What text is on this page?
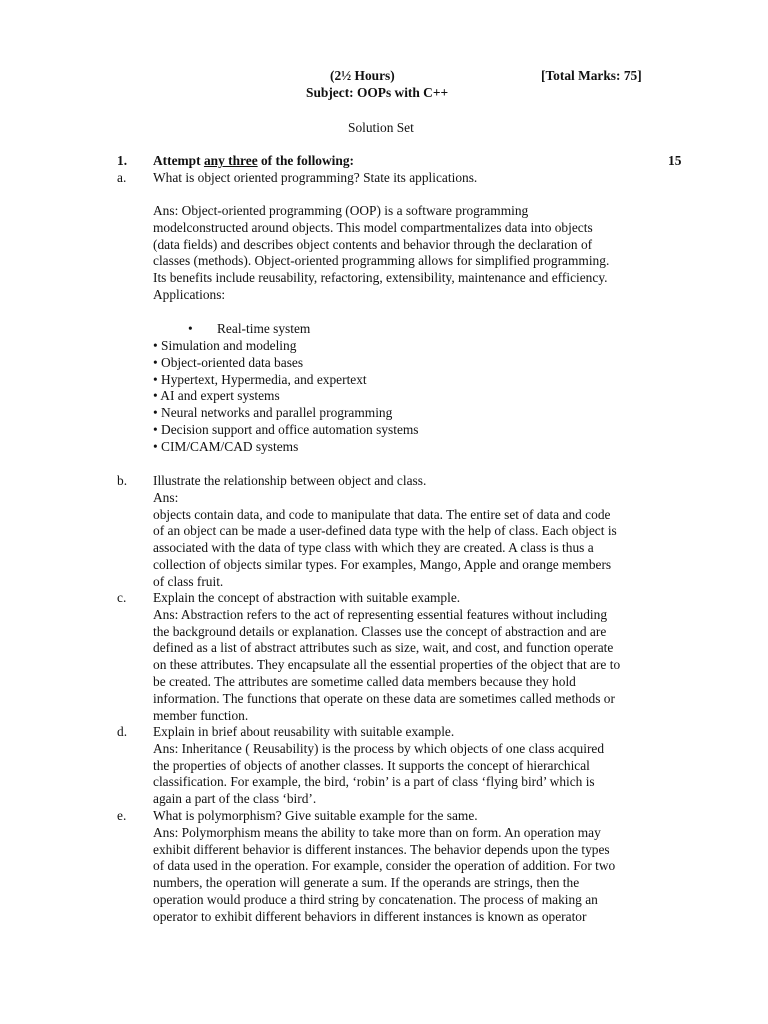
(2½ Hours)	[Total Marks: 75]
Subject: OOPs with C++
Solution Set
1. Attempt any three of the following:	15
a. What is object oriented programming? State its applications.
Ans: Object-oriented programming (OOP) is a software programming
modelconstructed around objects. This model compartmentalizes data into objects
(data fields) and describes object contents and behavior through the declaration of
classes (methods). Object-oriented programming allows for simplified programming.
Its benefits include reusability, refactoring, extensibility, maintenance and efficiency.
Applications:
• Real-time system
• Simulation and modeling
• Object-oriented data bases
• Hypertext, Hypermedia, and expertext
• AI and expert systems
• Neural networks and parallel programming
• Decision support and office automation systems
• CIM/CAM/CAD systems
b. Illustrate the relationship between object and class.
Ans:
objects contain data, and code to manipulate that data. The entire set of data and code
of an object can be made a user-defined data type with the help of class. Each object is
associated with the data of type class with which they are created. A class is thus a
collection of objects similar types. For examples, Mango, Apple and orange members
of class fruit.
c. Explain the concept of abstraction with suitable example.
Ans: Abstraction refers to the act of representing essential features without including
the background details or explanation. Classes use the concept of abstraction and are
defined as a list of abstract attributes such as size, wait, and cost, and function operate
on these attributes. They encapsulate all the essential properties of the object that are to
be created. The attributes are sometime called data members because they hold
information. The functions that operate on these data are sometimes called methods or
member function.
d. Explain in brief about reusability with suitable example.
Ans: Inheritance ( Reusability) is the process by which objects of one class acquired
the properties of objects of another classes. It supports the concept of hierarchical
classification. For example, the bird, ‘robin’ is a part of class ‘flying bird’ which is
again a part of the class ‘bird’.
e. What is polymorphism? Give suitable example for the same.
Ans: Polymorphism means the ability to take more than on form. An operation may
exhibit different behavior is different instances. The behavior depends upon the types
of data used in the operation. For example, consider the operation of addition. For two
numbers, the operation will generate a sum. If the operands are strings, then the
operation would produce a third string by concatenation. The process of making an
operator to exhibit different behaviors in different instances is known as operator
